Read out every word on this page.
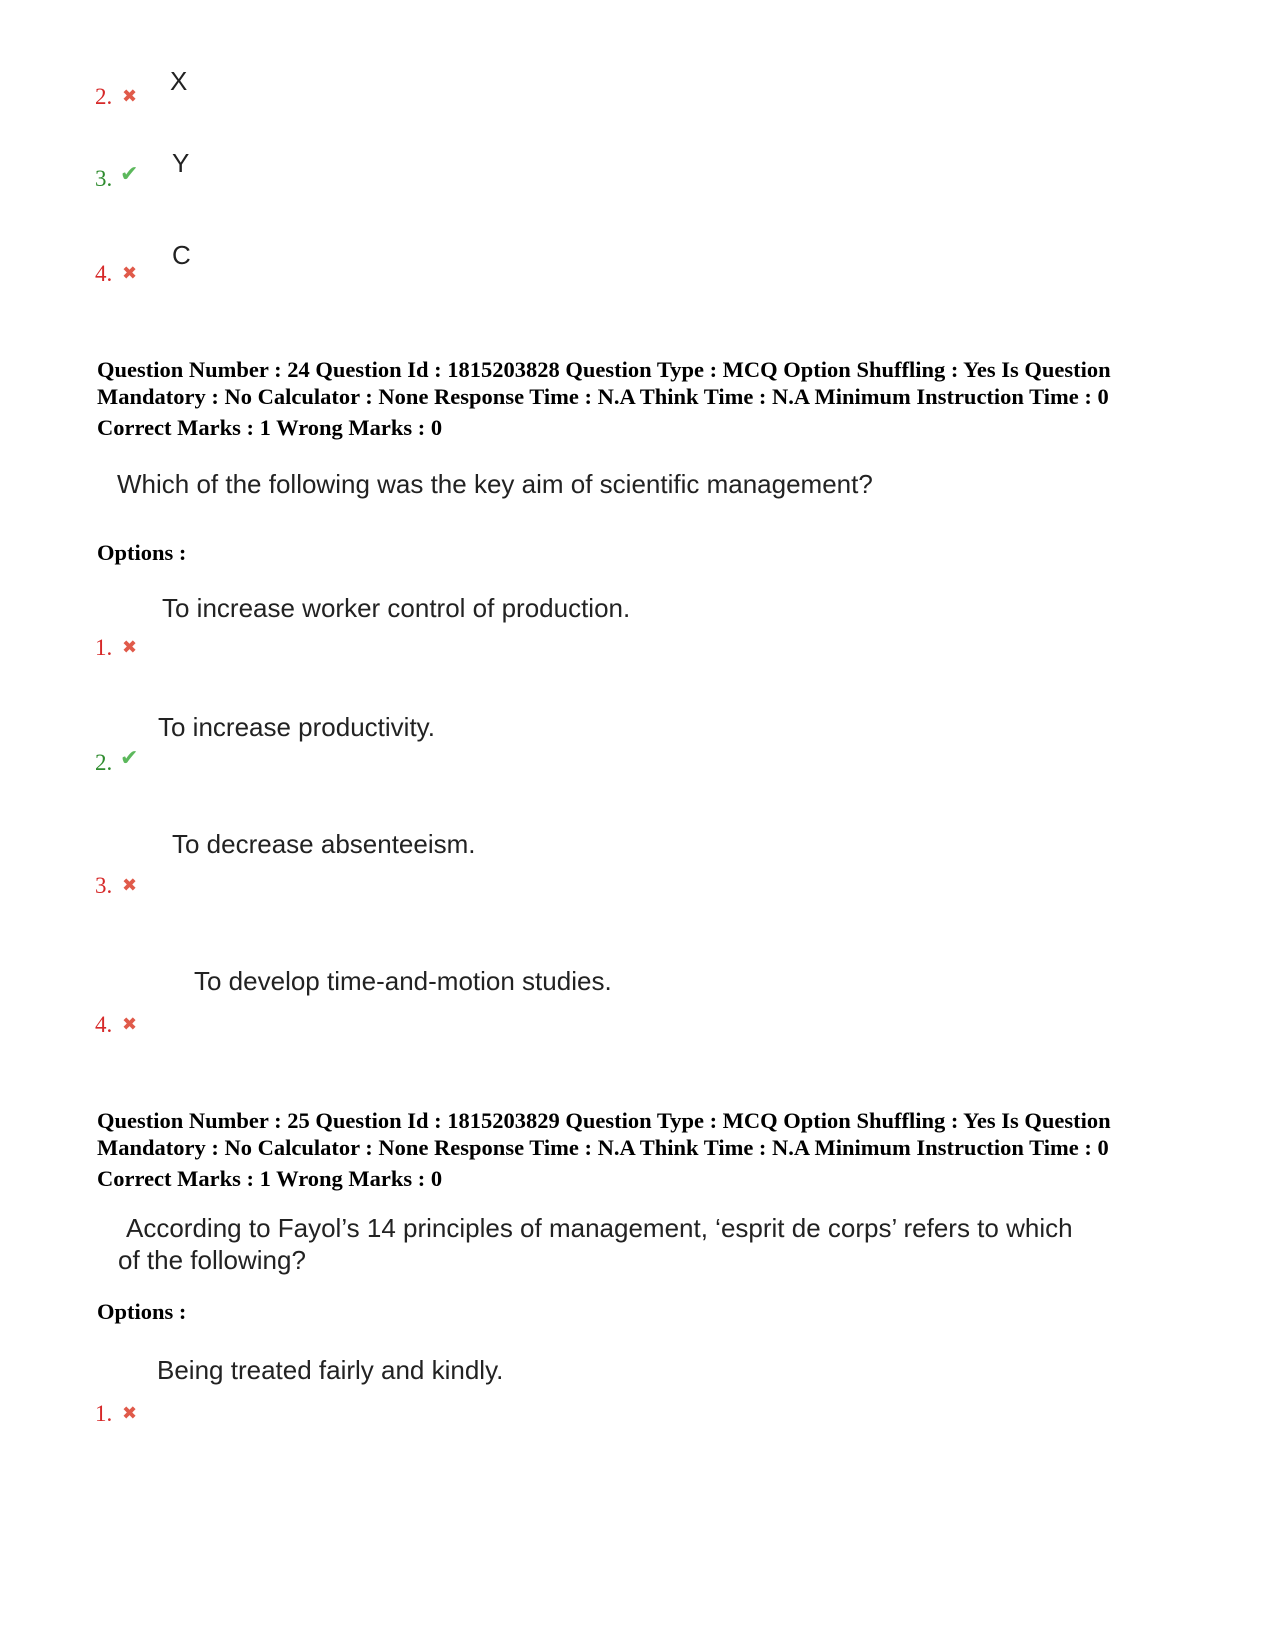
2. ✖
X
3. ✔ Y
4. ✖
C
Question Number : 24 Question Id : 1815203828 Question Type : MCQ Option Shuffling : Yes Is Question
Mandatory : No Calculator : None Response Time : N.A Think Time : N.A Minimum Instruction Time : 0
Correct Marks : 1 Wrong Marks : 0
Which of the following was the key aim of scientific management?
Options :
To increase worker control of production.
1. ✖
To increase productivity.
2. ✔
To decrease absenteeism.
3. ✖
To develop time-and-motion studies.
4. ✖
Question Number : 25 Question Id : 1815203829 Question Type : MCQ Option Shuffling : Yes Is Question
Mandatory : No Calculator : None Response Time : N.A Think Time : N.A Minimum Instruction Time : 0
Correct Marks : 1 Wrong Marks : 0
According to Fayol’s 14 principles of management, ‘esprit de corps’ refers to which
of the following?
Options :
Being treated fairly and kindly.
1. ✖
